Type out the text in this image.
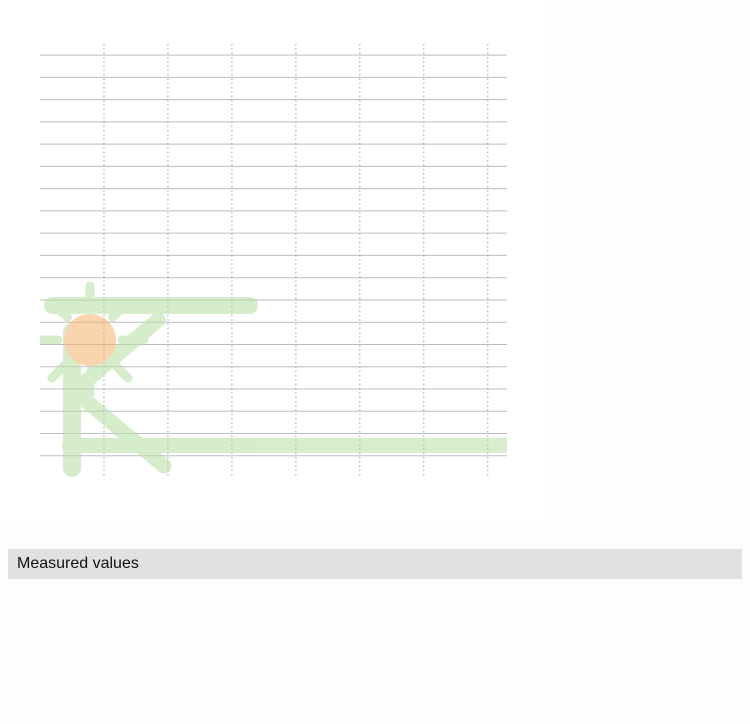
Measured values
